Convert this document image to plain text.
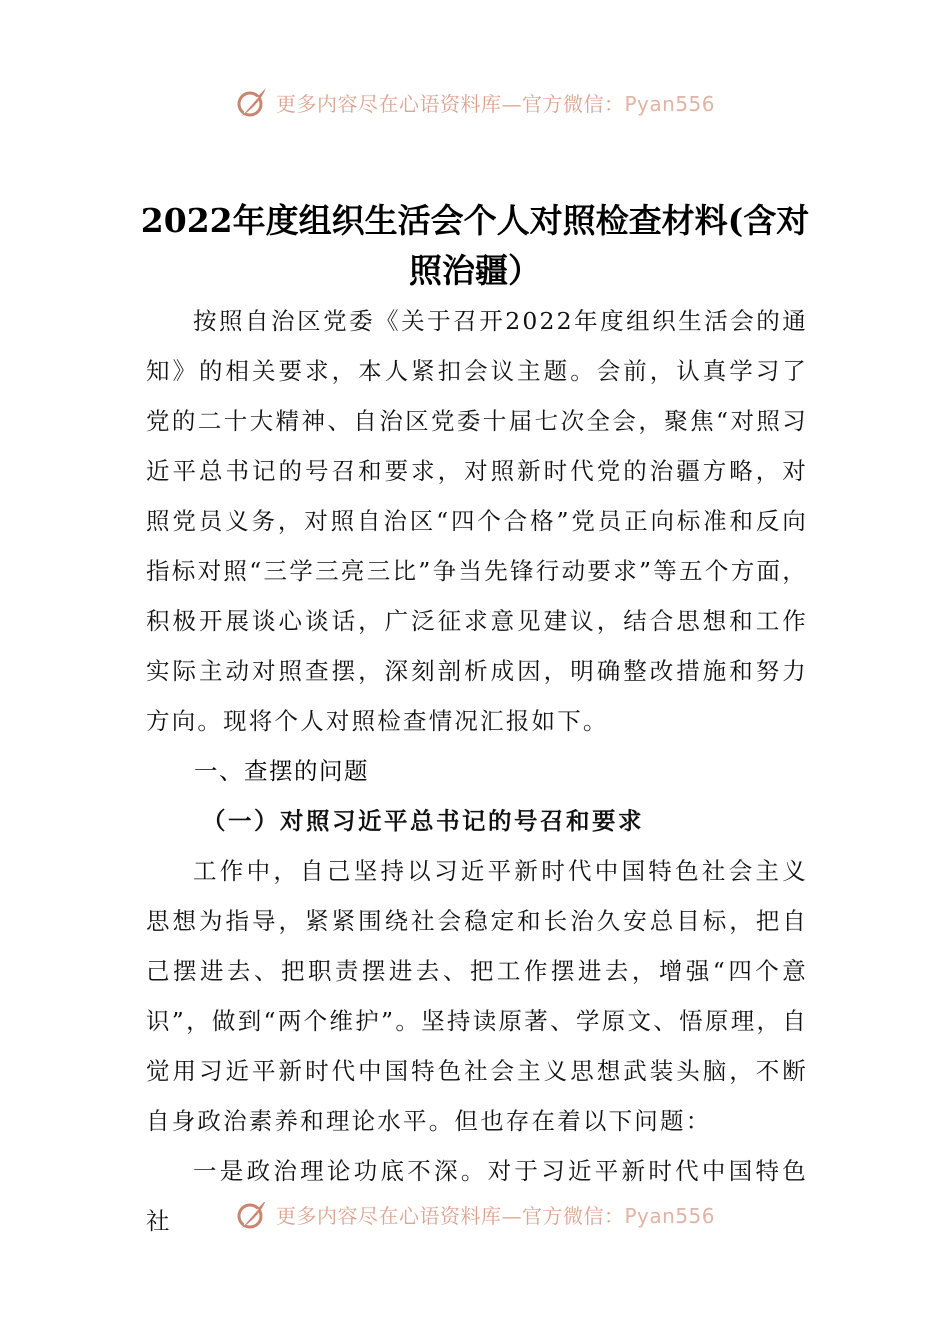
更多内容尽在心语资料库—官方微信：Pyan556
2022年度组织生活会个人对照检查材料(含对照治疆）

按照自治区党委《关于召开2022年度组织生活会的通知》的相关要求，本人紧扣会议主题。会前，认真学习了党的二十大精神、自治区党委十届七次全会，聚焦“对照习近平总书记的号召和要求，对照新时代党的治疆方略，对照党员义务，对照自治区“四个合格”党员正向标准和反向指标对照“三学三亮三比”争当先锋行动要求”等五个方面，积极开展谈心谈话，广泛征求意见建议，结合思想和工作实际主动对照查摆，深刻剖析成因，明确整改措施和努力方向。现将个人对照检查情况汇报如下。

一、查摆的问题
（一）对照习近平总书记的号召和要求

工作中，自己坚持以习近平新时代中国特色社会主义思想为指导，紧紧围绕社会稳定和长治久安总目标，把自己摆进去、把职责摆进去、把工作摆进去，增强“四个意识”，做到“两个维护”。坚持读原著、学原文、悟原理，自觉用习近平新时代中国特色社会主义思想武装头脑，不断自身政治素养和理论水平。但也存在着以下问题：

一是政治理论功底不深。对于习近平新时代中国特色社	更多内容尽在心语资料库—官方微信：Pyan556
